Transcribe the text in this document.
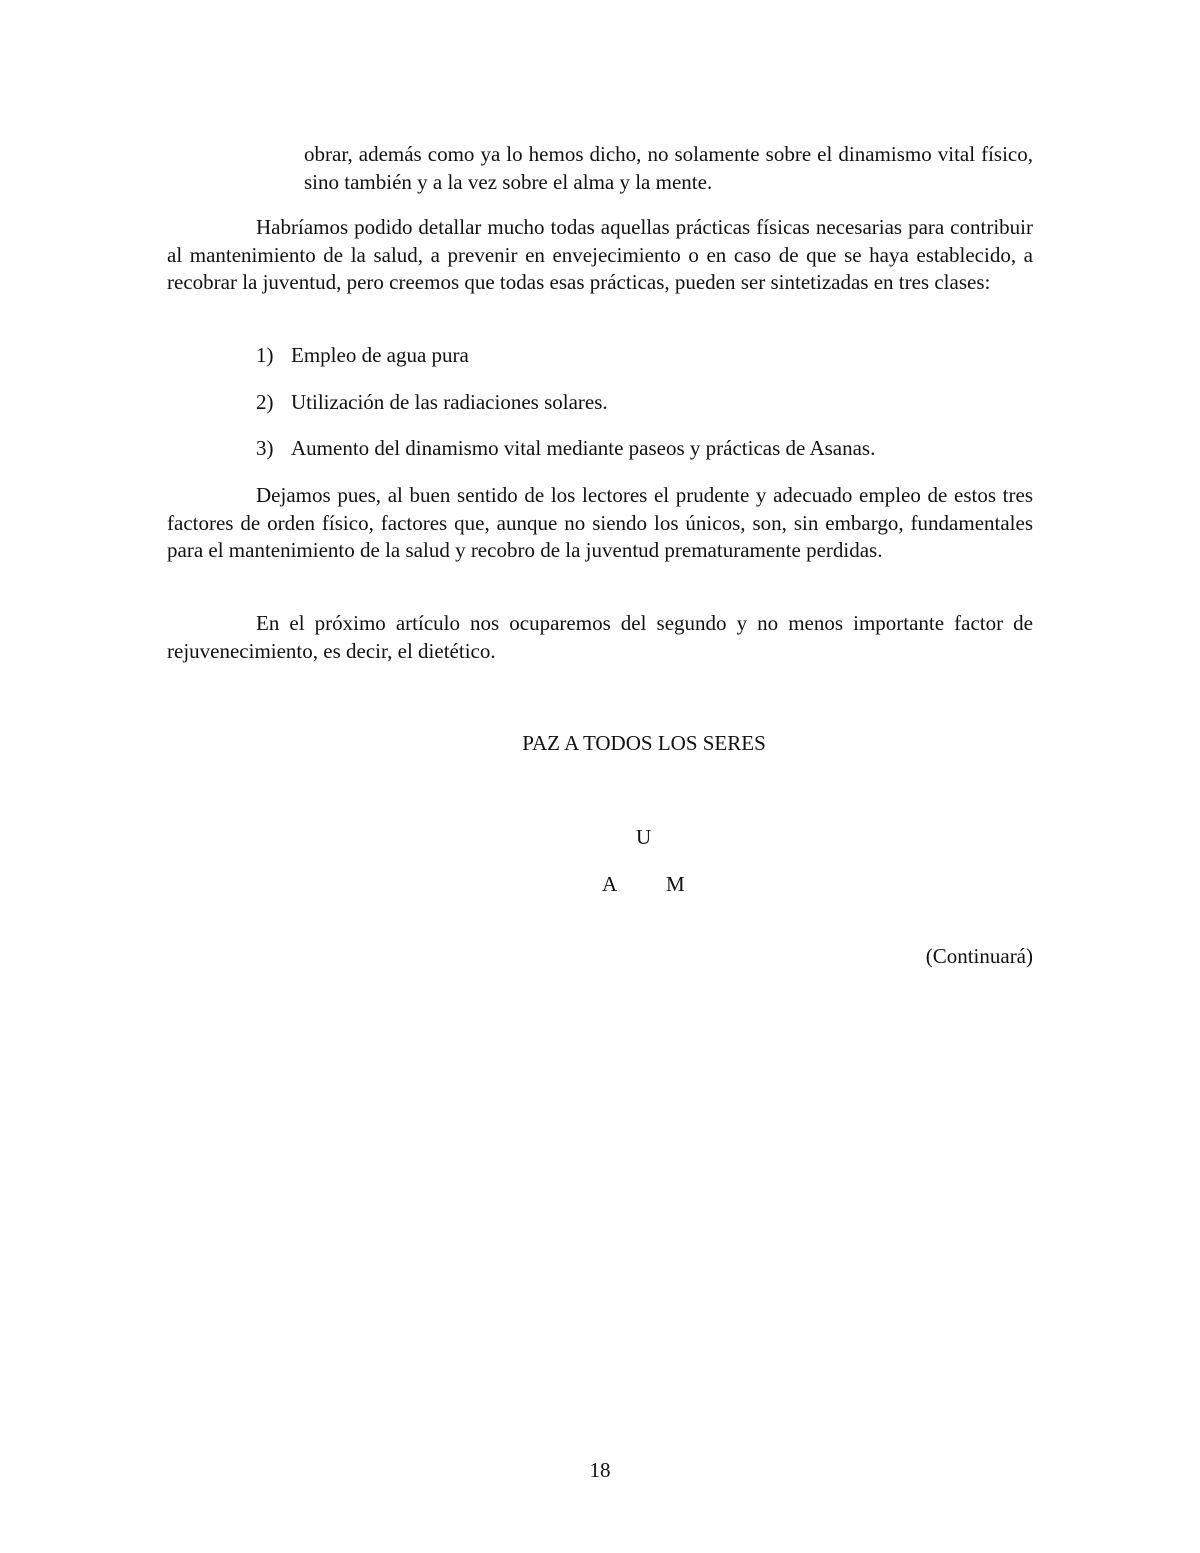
obrar, además como ya lo hemos dicho, no solamente sobre el dinamismo vital físico, sino también y a la vez sobre el alma y la mente.

Habríamos podido detallar mucho todas aquellas prácticas físicas necesarias para contribuir al mantenimiento de la salud, a prevenir en envejecimiento o en caso de que se haya establecido, a recobrar la juventud, pero creemos que todas esas prácticas, pueden ser sintetizadas en tres clases:

1) Empleo de agua pura

2) Utilización de las radiaciones solares.

3) Aumento del dinamismo vital mediante paseos y prácticas de Asanas.

Dejamos pues, al buen sentido de los lectores el prudente y adecuado empleo de estos tres factores de orden físico, factores que, aunque no siendo los únicos, son, sin embargo, fundamentales para el mantenimiento de la salud y recobro de la juventud prematuramente perdidas.

En el próximo artículo nos ocuparemos del segundo y no menos importante factor de rejuvenecimiento, es decir, el dietético.

PAZ A TODOS LOS SERES

U

A M

(Continuará)

18
